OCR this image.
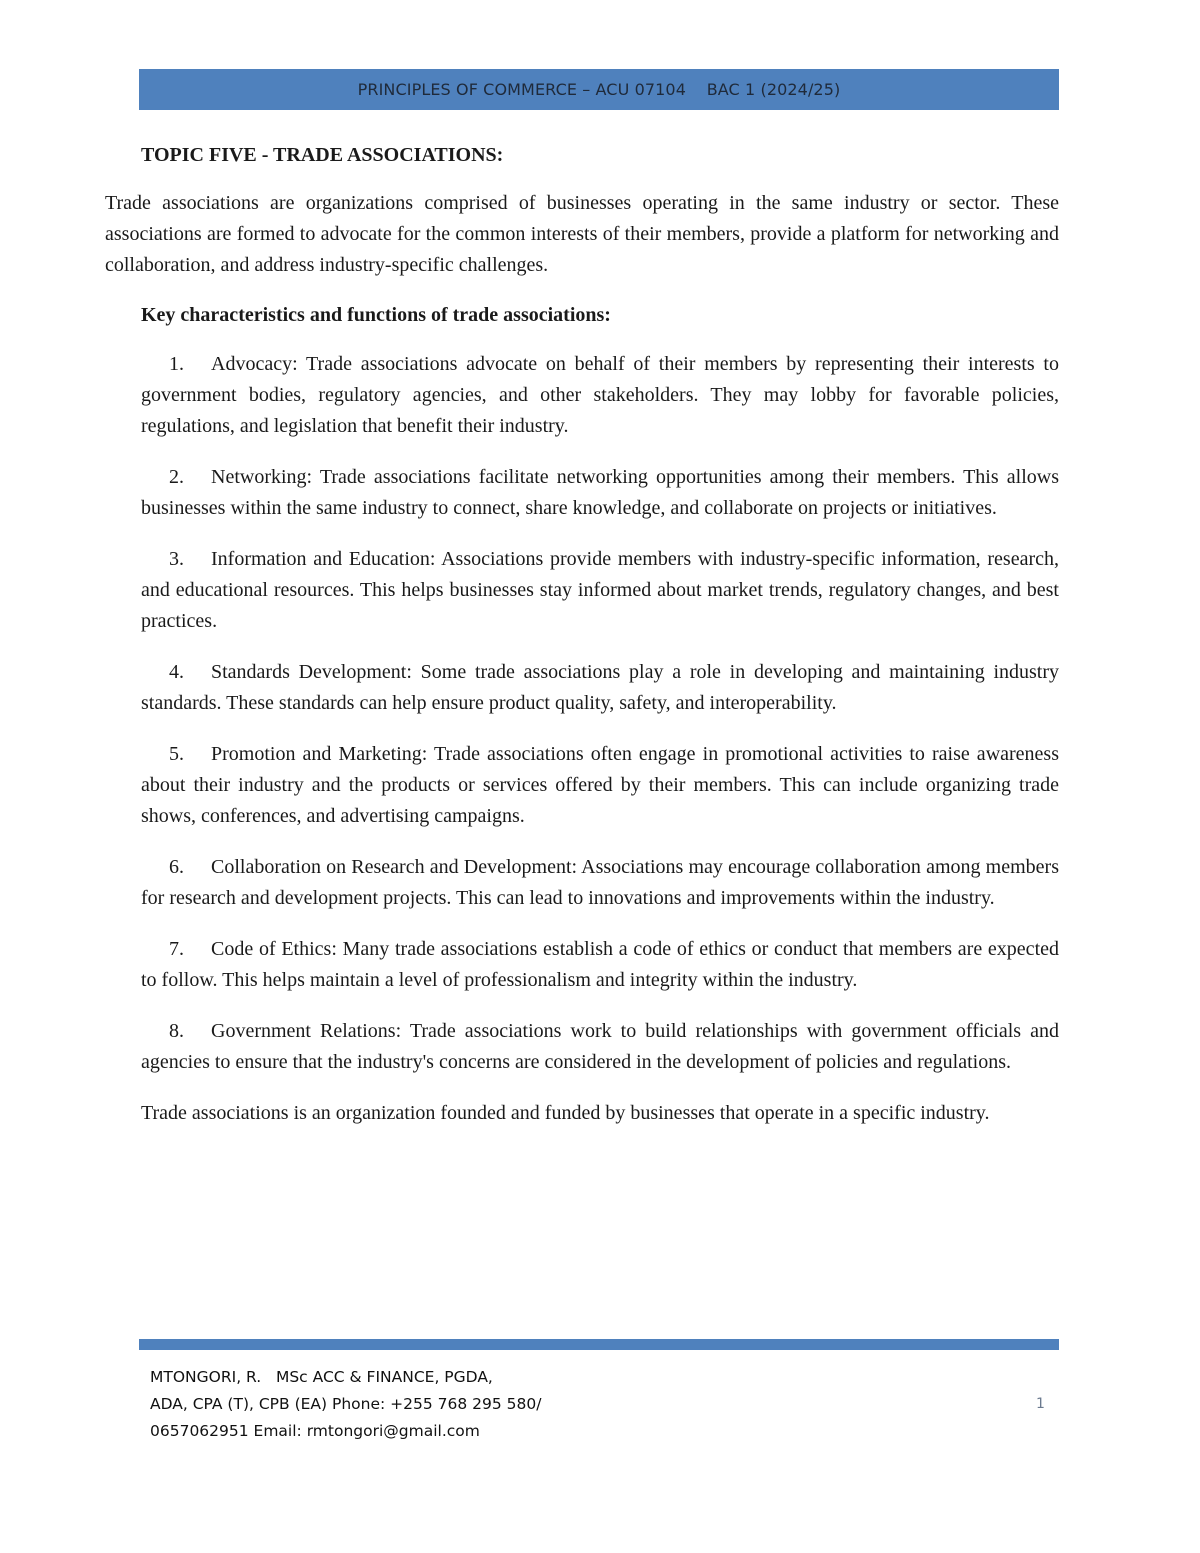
PRINCIPLES OF COMMERCE – ACU 07104    BAC 1 (2024/25)
TOPIC FIVE - TRADE ASSOCIATIONS:

Trade associations are organizations comprised of businesses operating in the same industry or sector. These associations are formed to advocate for the common interests of their members, provide a platform for networking and collaboration, and address industry-specific challenges.

Key characteristics and functions of trade associations:
1. Advocacy: Trade associations advocate on behalf of their members by representing their interests to government bodies, regulatory agencies, and other stakeholders. They may lobby for favorable policies, regulations, and legislation that benefit their industry.
2. Networking: Trade associations facilitate networking opportunities among their members. This allows businesses within the same industry to connect, share knowledge, and collaborate on projects or initiatives.
3. Information and Education: Associations provide members with industry-specific information, research, and educational resources. This helps businesses stay informed about market trends, regulatory changes, and best practices.
4. Standards Development: Some trade associations play a role in developing and maintaining industry standards. These standards can help ensure product quality, safety, and interoperability.
5. Promotion and Marketing: Trade associations often engage in promotional activities to raise awareness about their industry and the products or services offered by their members. This can include organizing trade shows, conferences, and advertising campaigns.
6. Collaboration on Research and Development: Associations may encourage collaboration among members for research and development projects. This can lead to innovations and improvements within the industry.
7. Code of Ethics: Many trade associations establish a code of ethics or conduct that members are expected to follow. This helps maintain a level of professionalism and integrity within the industry.
8. Government Relations: Trade associations work to build relationships with government officials and agencies to ensure that the industry's concerns are considered in the development of policies and regulations.

Trade associations is an organization founded and funded by businesses that operate in a specific industry.

MTONGORI, R.   MSc ACC & FINANCE, PGDA,
ADA, CPA (T), CPB (EA) Phone: +255 768 295 580/
0657062951 Email: rmtongori@gmail.com
1
